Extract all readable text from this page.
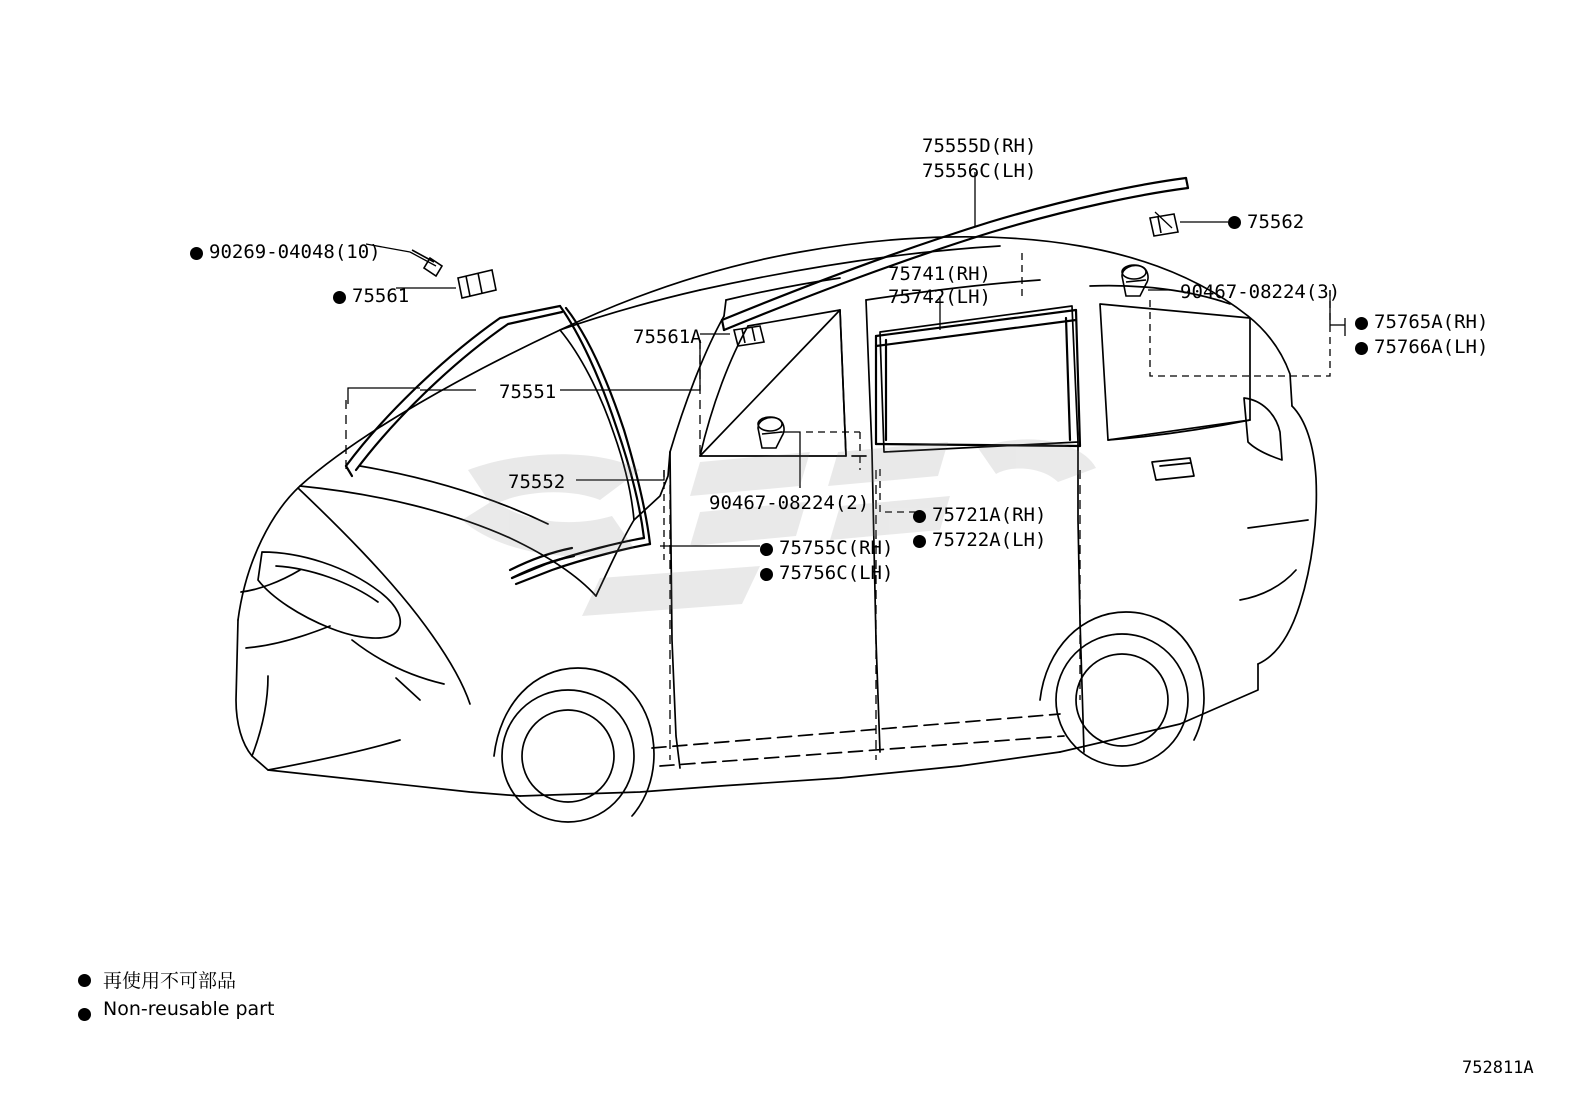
75555D(RH)
75556C(LH)
75562
90269-04048(10)
75741(RH)
75742(LH)	90467-08224(3)
75561
75765A(RH)
75766A(LH)
75561A
75551
75552
90467-08224(2)
75721A(RH)
75722A(LH)
75755C(RH)
75756C(LH)
再使用不可部品
Non-reusable part
752811A
